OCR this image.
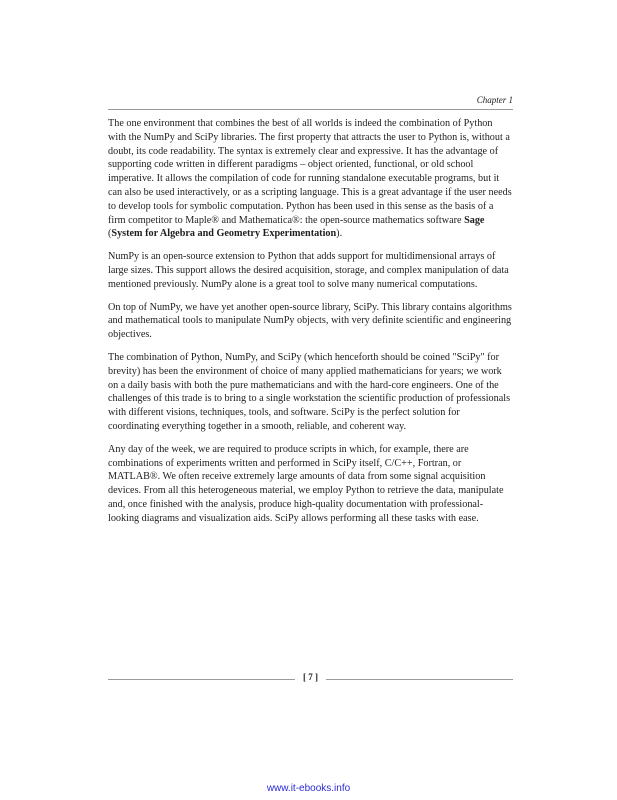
Chapter 1

The one environment that combines the best of all worlds is indeed the combination of Python with the NumPy and SciPy libraries. The first property that attracts the user to Python is, without a doubt, its code readability. The syntax is extremely clear and expressive. It has the advantage of supporting code written in different paradigms – object oriented, functional, or old school imperative. It allows the compilation of code for running standalone executable programs, but it can also be used interactively, or as a scripting language. This is a great advantage if the user needs to develop tools for symbolic computation. Python has been used in this sense as the basis of a firm competitor to Maple® and Mathematica®: the open-source mathematics software Sage (System for Algebra and Geometry Experimentation).

NumPy is an open-source extension to Python that adds support for multidimensional arrays of large sizes. This support allows the desired acquisition, storage, and complex manipulation of data mentioned previously. NumPy alone is a great tool to solve many numerical computations.

On top of NumPy, we have yet another open-source library, SciPy. This library contains algorithms and mathematical tools to manipulate NumPy objects, with very definite scientific and engineering objectives.

The combination of Python, NumPy, and SciPy (which henceforth should be coined "SciPy" for brevity) has been the environment of choice of many applied mathematicians for years; we work on a daily basis with both the pure mathematicians and with the hard-core engineers. One of the challenges of this trade is to bring to a single workstation the scientific production of professionals with different visions, techniques, tools, and software. SciPy is the perfect solution for coordinating everything together in a smooth, reliable, and coherent way.

Any day of the week, we are required to produce scripts in which, for example, there are combinations of experiments written and performed in SciPy itself, C/C++, Fortran, or MATLAB®. We often receive extremely large amounts of data from some signal acquisition devices. From all this heterogeneous material, we employ Python to retrieve the data, manipulate and, once finished with the analysis, produce high-quality documentation with professional-looking diagrams and visualization aids. SciPy allows performing all these tasks with ease.

[ 7 ]
www.it-ebooks.info
